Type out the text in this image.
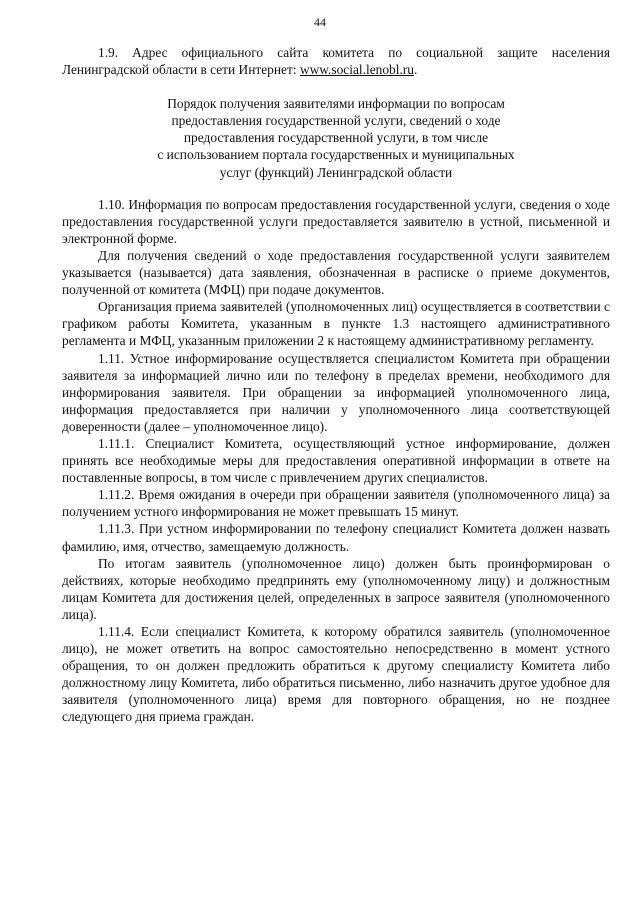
44

1.9. Адрес официального сайта комитета по социальной защите населения Ленинградской области в сети Интернет: www.social.lenobl.ru.

Порядок получения заявителями информации по вопросам
предоставления государственной услуги, сведений о ходе
предоставления государственной услуги, в том числе
с использованием портала государственных и муниципальных
услуг (функций) Ленинградской области

1.10. Информация по вопросам предоставления государственной услуги, сведения о ходе предоставления государственной услуги предоставляется заявителю в устной, письменной и электронной форме.

Для получения сведений о ходе предоставления государственной услуги заявителем указывается (называется) дата заявления, обозначенная в расписке о приеме документов, полученной от комитета (МФЦ) при подаче документов.

Организация приема заявителей (уполномоченных лиц) осуществляется в соответствии с графиком работы Комитета, указанным в пункте 1.3 настоящего административного регламента и МФЦ, указанным приложении 2 к настоящему административному регламенту.

1.11. Устное информирование осуществляется специалистом Комитета при обращении заявителя за информацией лично или по телефону в пределах времени, необходимого для информирования заявителя. При обращении за информацией уполномоченного лица, информация предоставляется при наличии у уполномоченного лица соответствующей доверенности (далее – уполномоченное лицо).

1.11.1. Специалист Комитета, осуществляющий устное информирование, должен принять все необходимые меры для предоставления оперативной информации в ответе на поставленные вопросы, в том числе с привлечением других специалистов.

1.11.2. Время ожидания в очереди при обращении заявителя (уполномоченного лица) за получением устного информирования не может превышать 15 минут.

1.11.3. При устном информировании по телефону специалист Комитета должен назвать фамилию, имя, отчество, замещаемую должность.

По итогам заявитель (уполномоченное лицо) должен быть проинформирован о действиях, которые необходимо предпринять ему (уполномоченному лицу) и должностным лицам Комитета для достижения целей, определенных в запросе заявителя (уполномоченного лица).

1.11.4. Если специалист Комитета, к которому обратился заявитель (уполномоченное лицо), не может ответить на вопрос самостоятельно непосредственно в момент устного обращения, то он должен предложить обратиться к другому специалисту Комитета либо должностному лицу Комитета, либо обратиться письменно, либо назначить другое удобное для заявителя (уполномоченного лица) время для повторного обращения, но не позднее следующего дня приема граждан.
